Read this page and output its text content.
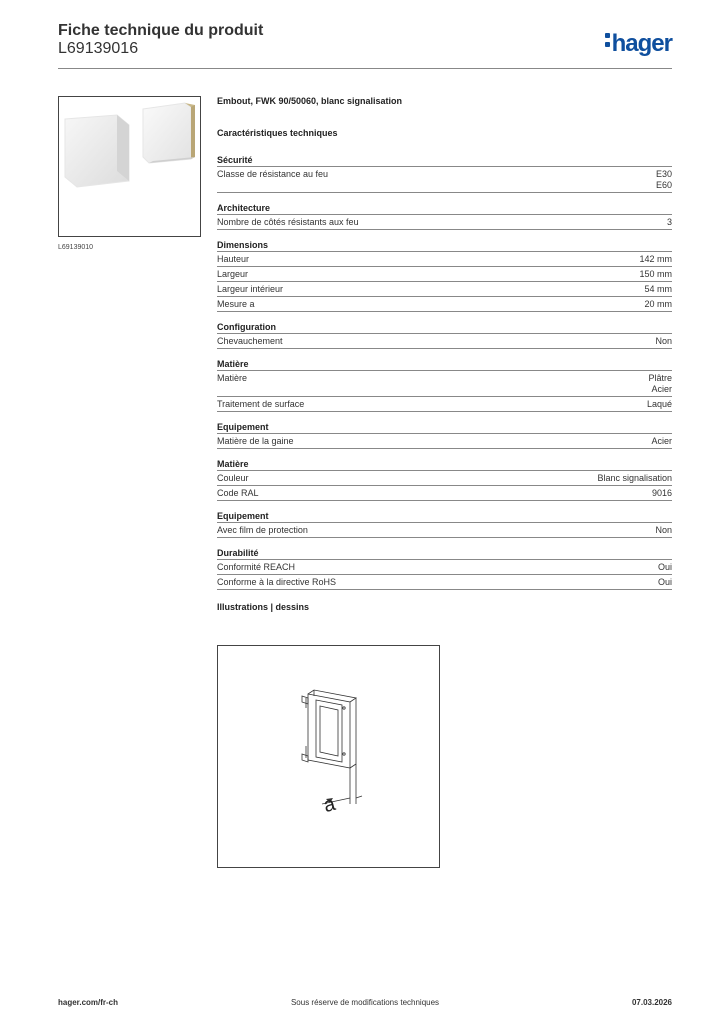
Fiche technique du produit
L69139016	hager
L69139010
Embout, FWK 90/50060, blanc signalisation
Caractéristiques techniques
Sécurité
Classe de résistance au feu	E30
E60
Architecture
Nombre de côtés résistants aux feu	3
Dimensions
Hauteur	142 mm
Largeur	150 mm
Largeur intérieur	54 mm
Mesure a	20 mm
Configuration
Chevauchement	Non
Matière
Matière	Plâtre
Acier
Traitement de surface	Laqué
Equipement
Matière de la gaine	Acier
Matière
Couleur	Blanc signalisation
Code RAL	9016
Equipement
Avec film de protection	Non
Durabilité
Conformité REACH	Oui
Conforme à la directive RoHS	Oui
Illustrations | dessins
a
hager.com/fr-ch	Sous réserve de modifications techniques	07.03.2026
